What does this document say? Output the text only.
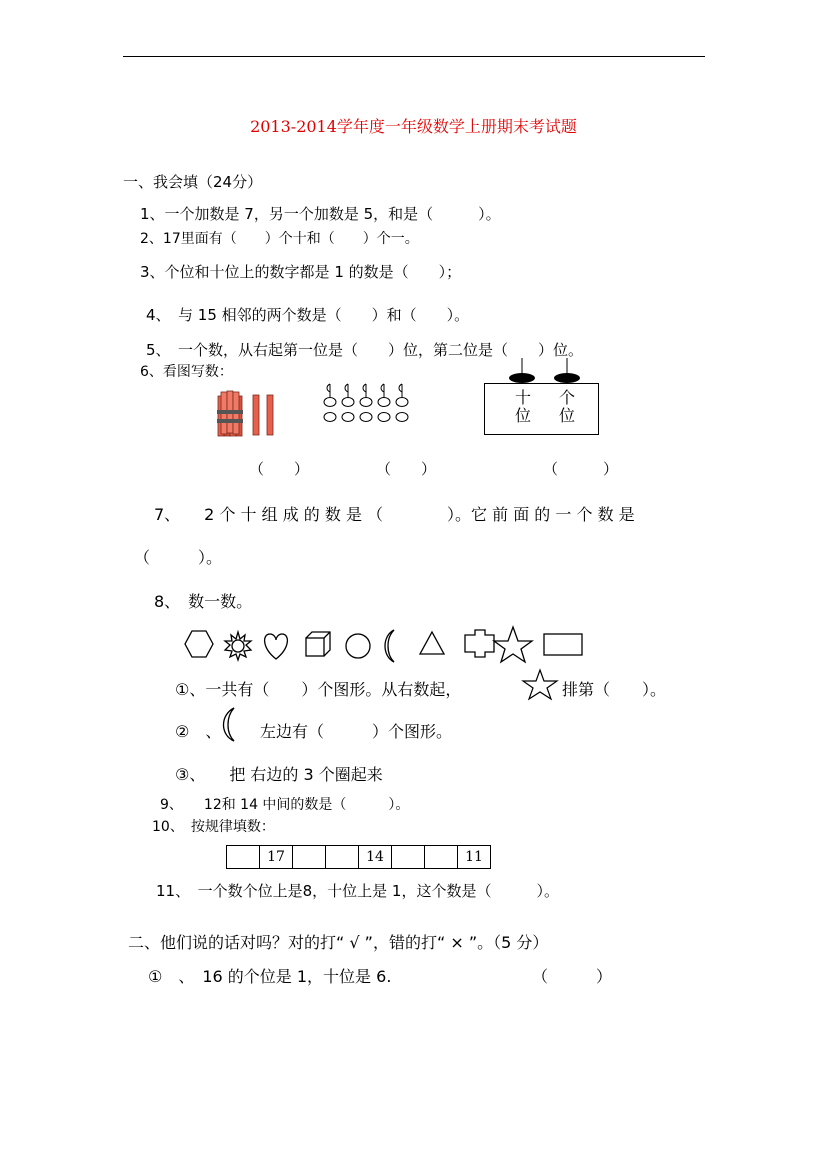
2013-2014学年度一年级数学上册期末考试题
一、我会填（24分）
1、一个加数是 7，另一个加数是 5，和是（　　　）。
2、17里面有（　　）个十和（　　）个一。
3、个位和十位上的数字都是 1 的数是（　　）；
4、　与 15 相邻的两个数是（　　）和（　　）。
5、　一个数，从右起第一位是（　　）位，第二位是（　　）位。
6、看图写数：
十
位
个
位
（　　）	（　　）	（　　　）
7、　　2 个 十 组 成 的 数 是 （　　　　）。它 前 面 的 一 个 数 是
（　　　）。
8、　数一数。
①、一共有（　　）个图形。从右数起，	排第（　　）。
②　、 左边有（　　　）个图形。
③、　　把 右边的 3 个圈起来
9、　　12和 14 中间的数是（　　　）。
10、　按规律填数：
	17			14			11
11、　一个数个位上是8，十位上是 1，这个数是（　　　）。
二、他们说的话对吗？对的打“ √ ”，错的打“ × ”。（5 分）
①　、　16 的个位是 1，十位是 6.	（　　　）
